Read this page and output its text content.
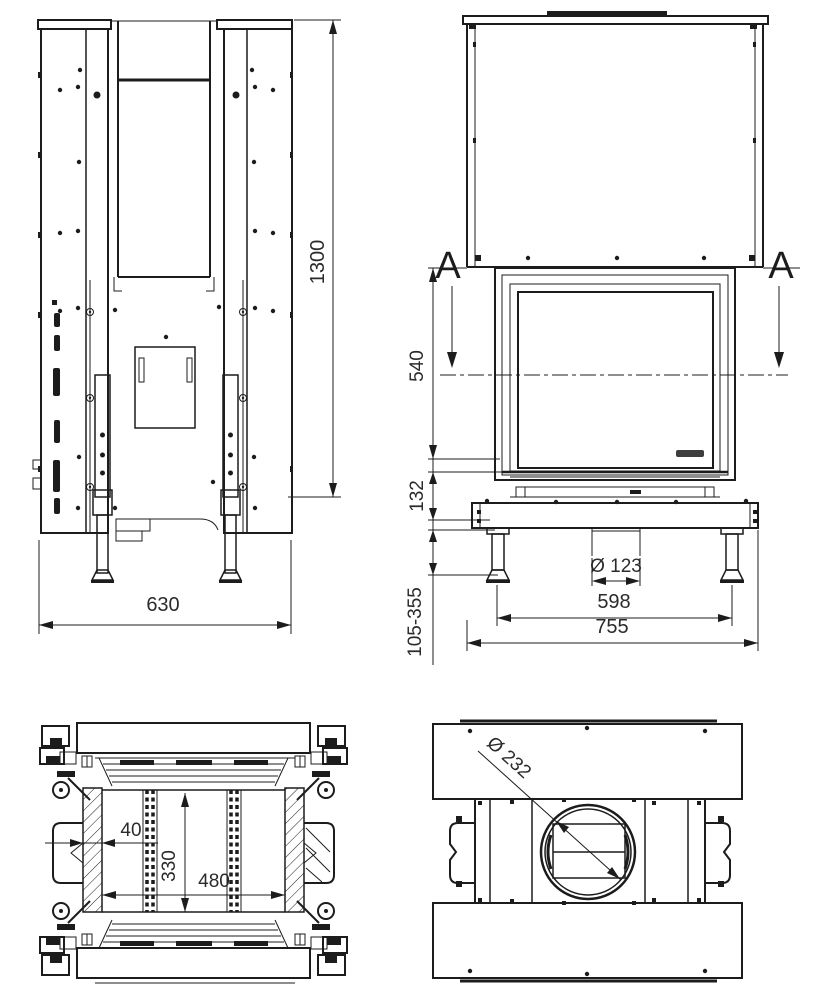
1300
630
A	A
540
132
105-355
Ø 123
598
755
40
330 480
Ø 232
